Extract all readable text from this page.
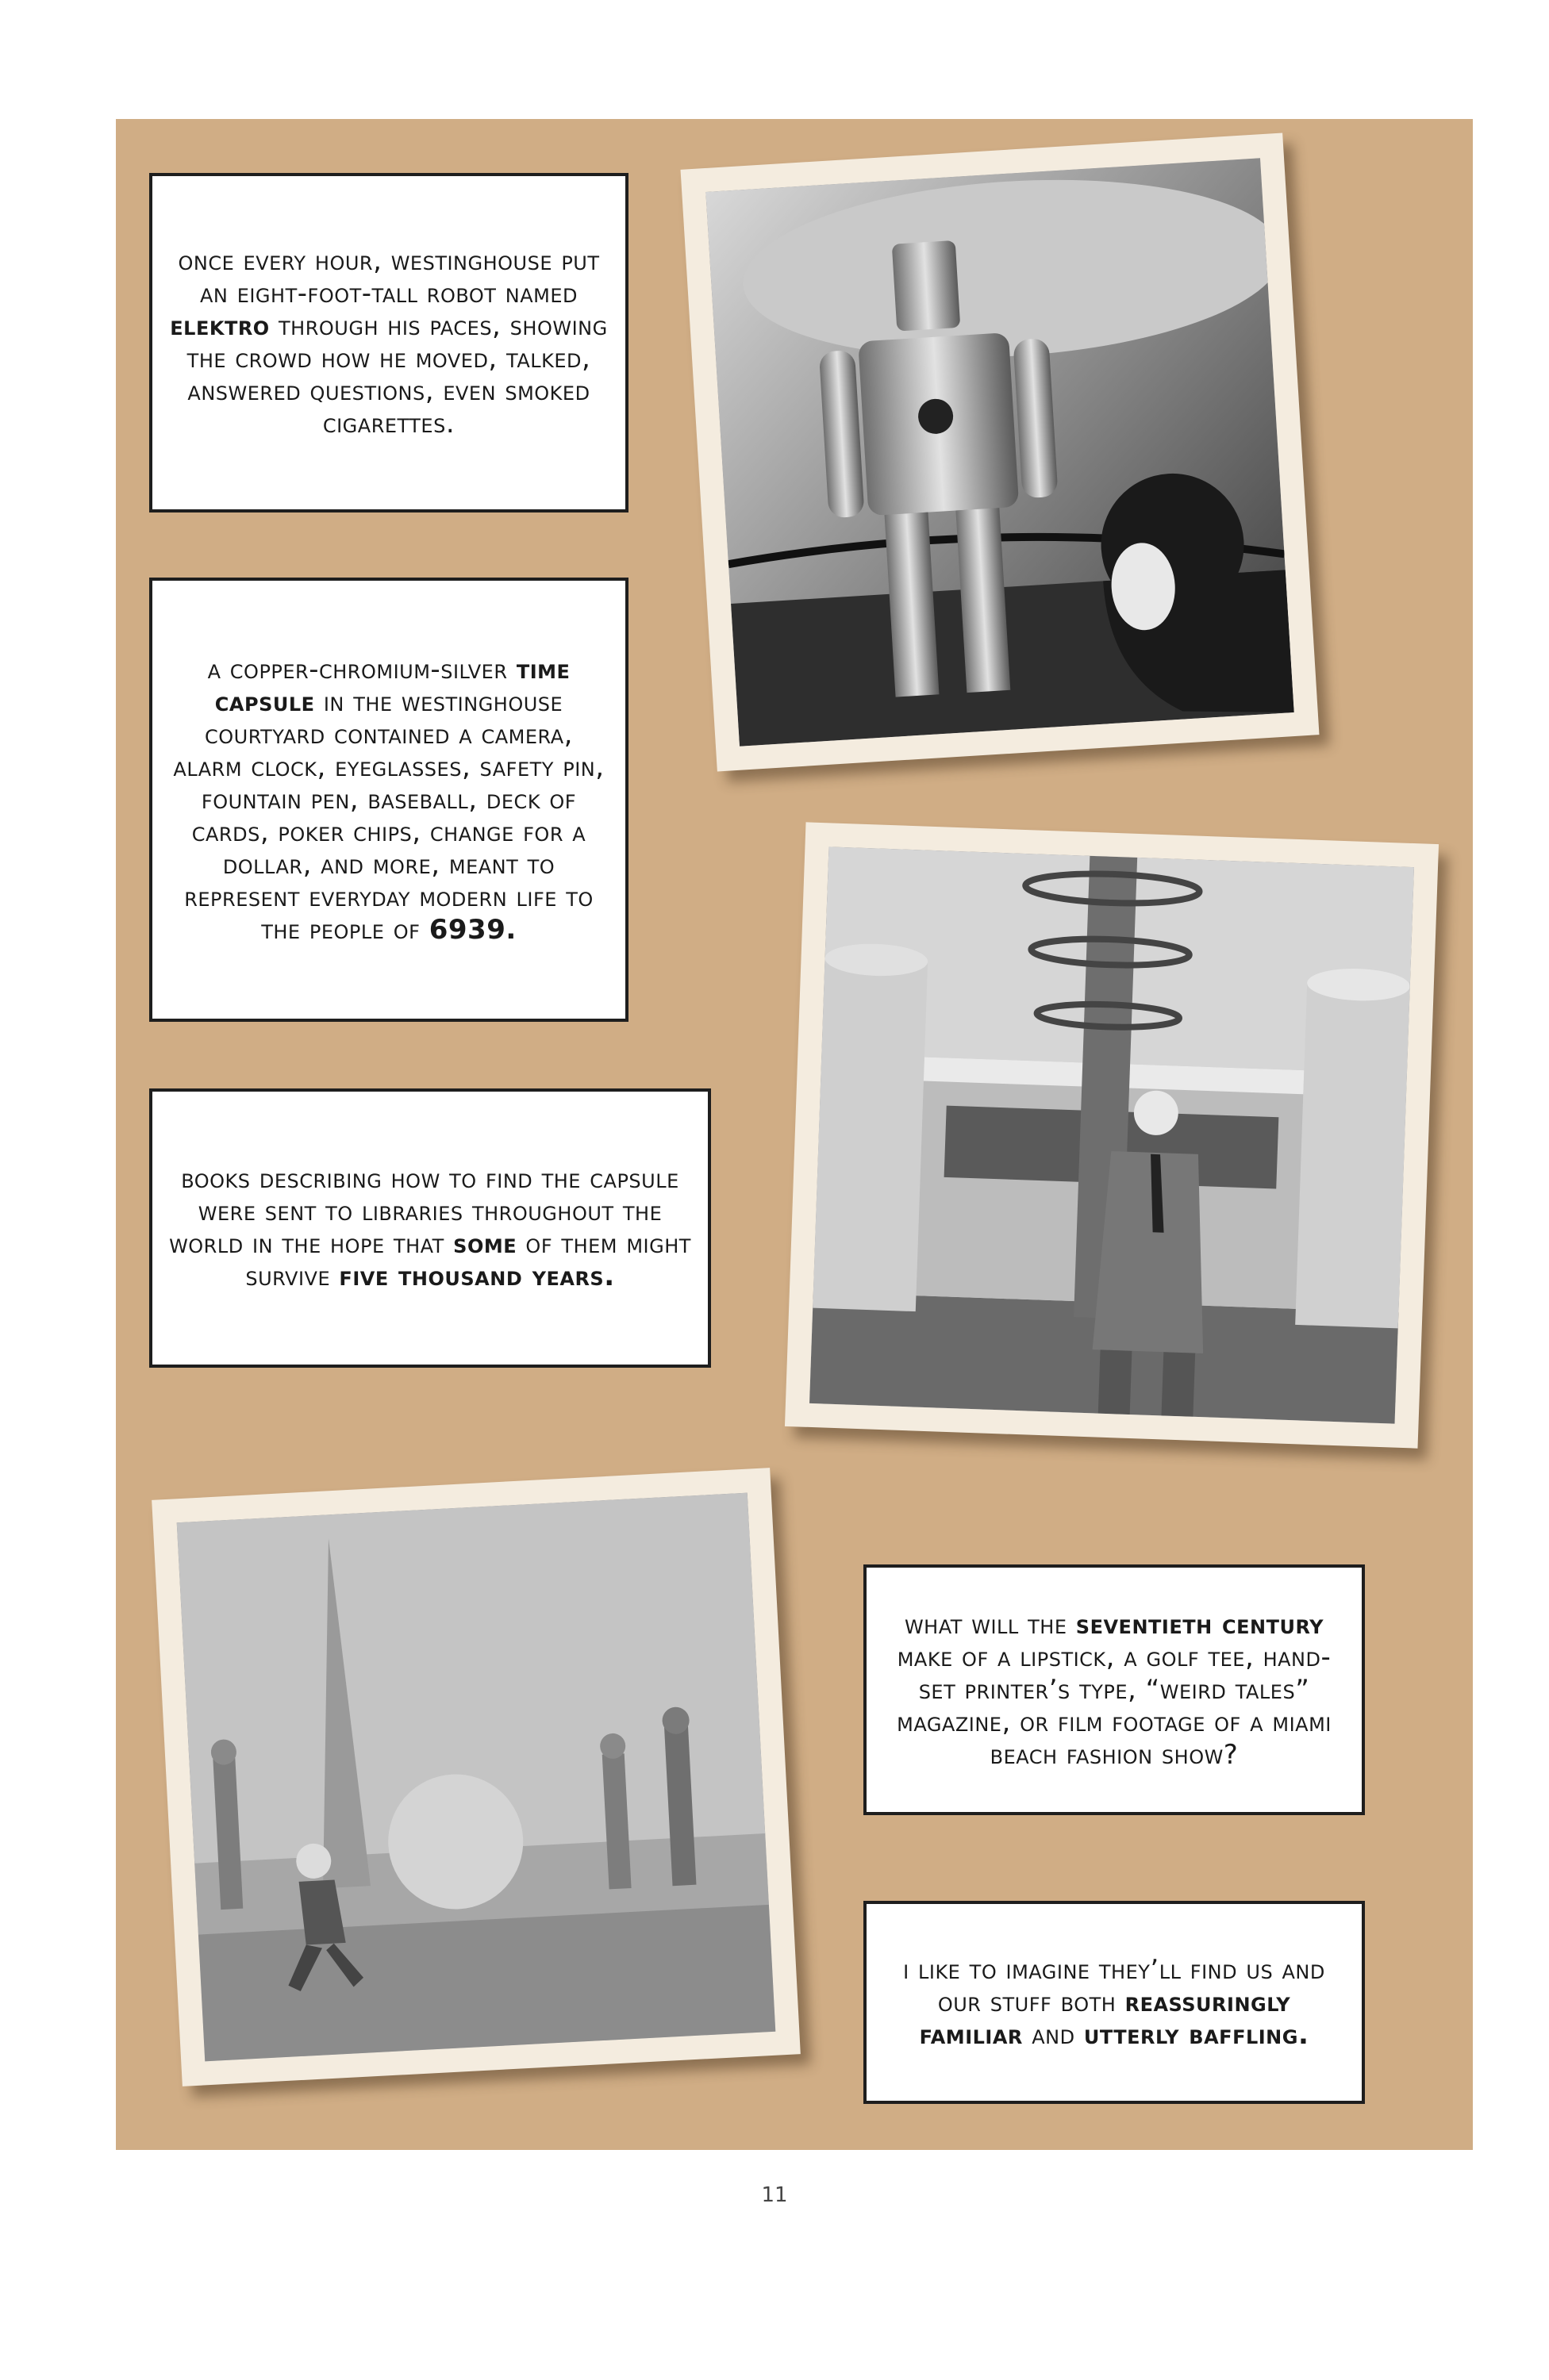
once every hour, westinghouse put an eight-foot-tall robot named elektro through his paces, showing the crowd how he moved, talked, answered questions, even smoked cigarettes.
a copper-chromium-silver time capsule in the westinghouse courtyard contained a camera, alarm clock, eyeglasses, safety pin, fountain pen, baseball, deck of cards, poker chips, change for a dollar, and more, meant to represent everyday modern life to the people of 6939.
books describing how to find the capsule were sent to libraries throughout the world in the hope that some of them might survive five thousand years.
what will the seventieth century make of a lipstick, a golf tee, hand-set printer’s type, “weird tales” magazine, or film footage of a miami beach fashion show?
i like to imagine they’ll find us and our stuff both reassuringly familiar and utterly baffling.
11
